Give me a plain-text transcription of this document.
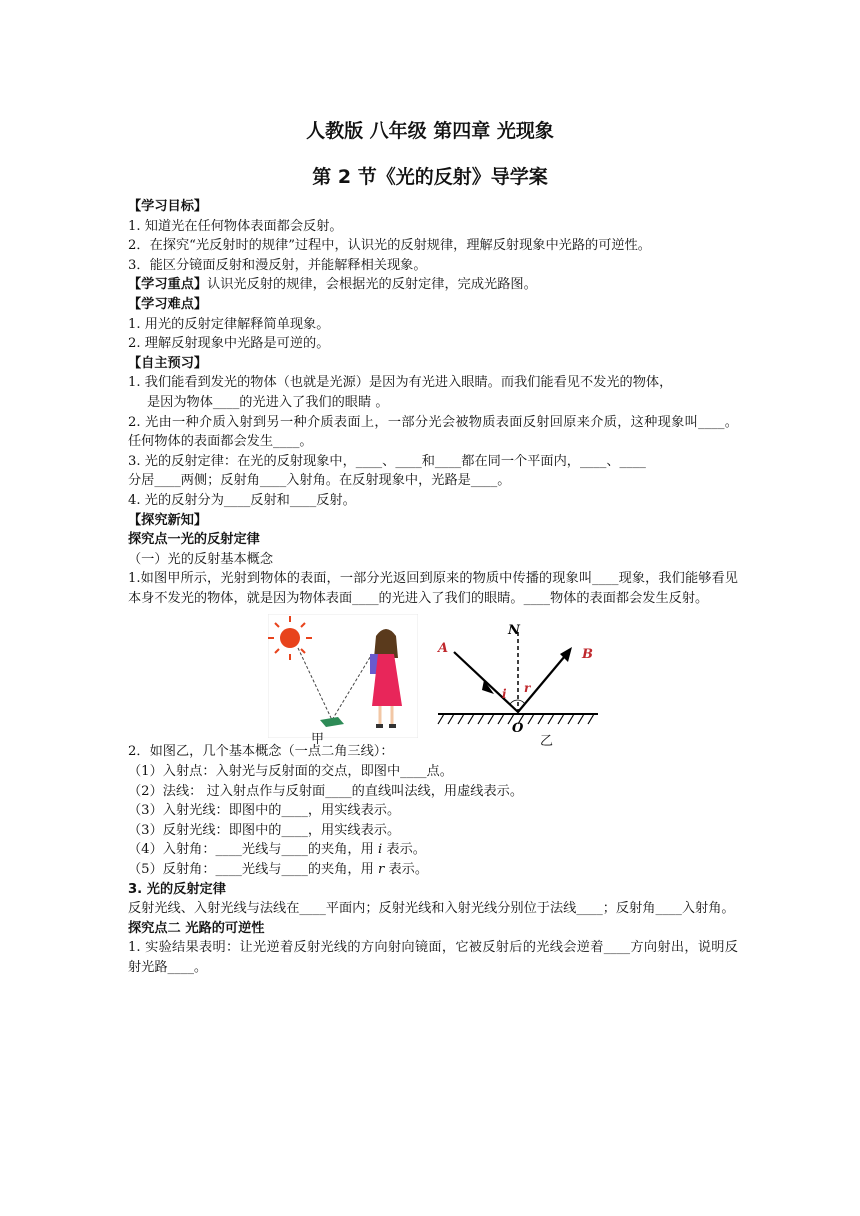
人教版 八年级 第四章 光现象
第 2 节《光的反射》导学案
【学习目标】
1. 知道光在任何物体表面都会反射。
2．在探究“光反射时的规律”过程中，认识光的反射规律，理解反射现象中光路的可逆性。
3．能区分镜面反射和漫反射，并能解释相关现象。
【学习重点】认识光反射的规律，会根据光的反射定律，完成光路图。
【学习难点】
1. 用光的反射定律解释简单现象。
2. 理解反射现象中光路是可逆的。
【自主预习】
1. 我们能看到发光的物体（也就是光源）是因为有光进入眼睛。而我们能看见不发光的物体，
是因为物体____的光进入了我们的眼睛 。
2. 光由一种介质入射到另一种介质表面上，一部分光会被物质表面反射回原来介质，这种现象叫____。任何物体的表面都会发生____。
3. 光的反射定律：在光的反射现象中，____、____和____都在同一个平面内，____、____
分居____两侧；反射角____入射角。在反射现象中，光路是____。
4. 光的反射分为____反射和____反射。
【探究新知】
探究点一光的反射定律
（一）光的反射基本概念
1.如图甲所示，光射到物体的表面，一部分光返回到原来的物质中传播的现象叫____现象，我们能够看见本身不发光的物体，就是因为物体表面____的光进入了我们的眼睛。____物体的表面都会发生反射。
甲
N
A	B
O
i r
乙
2．如图乙，几个基本概念（一点二角三线）：
（1）入射点：入射光与反射面的交点，即图中____点。
（2）法线： 过入射点作与反射面____的直线叫法线，用虚线表示。
（3）入射光线：即图中的____，用实线表示。
（3）反射光线：即图中的____，用实线表示。
（4）入射角：____光线与____的夹角，用 i 表示。
（5）反射角：____光线与____的夹角，用 r 表示。
3. 光的反射定律
反射光线、入射光线与法线在____平面内；反射光线和入射光线分别位于法线____；反射角____入射角。
探究点二 光路的可逆性
1. 实验结果表明：让光逆着反射光线的方向射向镜面，它被反射后的光线会逆着____方向射出，说明反射光路____。
